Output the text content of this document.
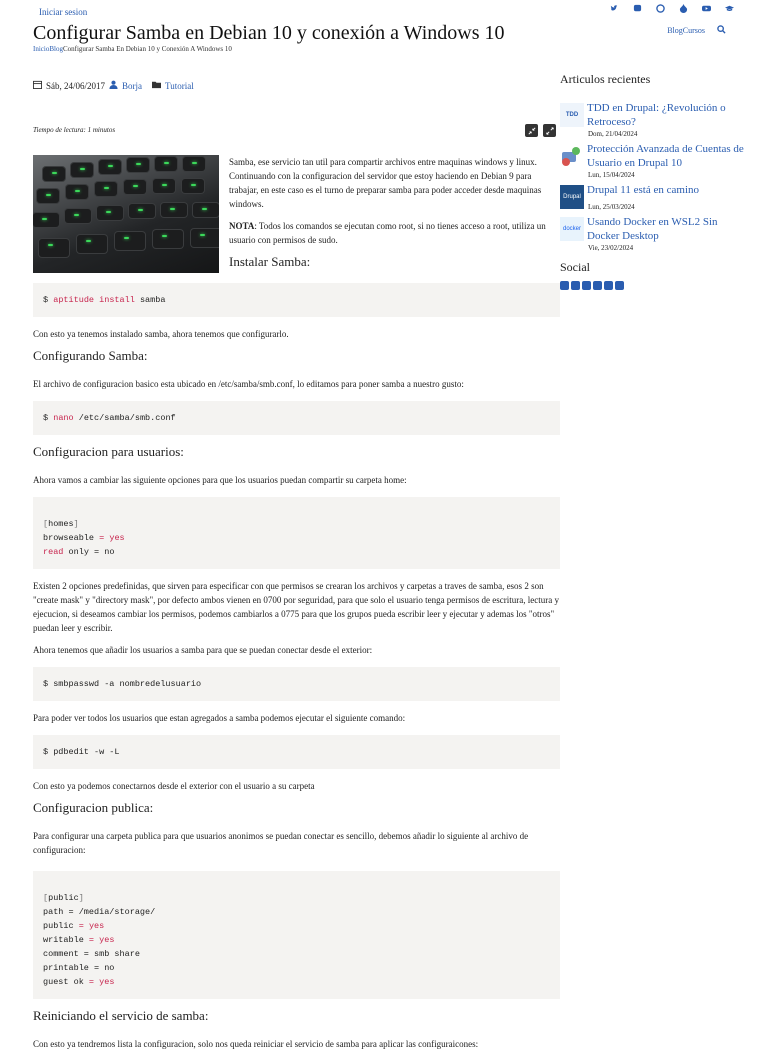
Iniciar sesion
Configurar Samba en Debian 10 y conexión a Windows 10
InicioBlogConfigurar Samba En Debian 10 y Conexión A Windows 10
Blog Cursos
Sáb, 24/06/2017 Borja	Tutorial
Tiempo de lectura: 1 minutos

Samba, ese servicio tan util para compartir archivos entre maquinas windows y linux. Continuando con la configuracion del servidor que estoy haciendo en Debian 9 para trabajar, en este caso es el turno de preparar samba para poder acceder desde maquinas windows.

NOTA: Todos los comandos se ejecutan como root, si no tienes acceso a root, utiliza un usuario con permisos de sudo.

Instalar Samba:
$ aptitude install samba

Con esto ya tenemos instalado samba, ahora tenemos que configurarlo.

Configurando Samba:

El archivo de configuracion basico esta ubicado en /etc/samba/smb.conf, lo editamos para poner samba a nuestro gusto:

$ nano /etc/samba/smb.conf
Configuracion para usuarios:

Ahora vamos a cambiar las siguiente opciones para que los usuarios puedan compartir su carpeta home:

[homes]
browseable = yes
read only = no

Existen 2 opciones predefinidas, que sirven para especificar con que permisos se crearan los archivos y carpetas a traves de samba, esos 2 son "create mask" y "directory mask", por defecto ambos vienen en 0700 por seguridad, para que solo el usuario tenga permisos de escritura, lectura y ejecucion, si deseamos cambiar los permisos, podemos cambiarlos a 0775 para que los grupos pueda escribir leer y ejecutar y ademas los "otros" puedan leer y escribir.

Ahora tenemos que añadir los usuarios a samba para que se puedan conectar desde el exterior:

$ smbpasswd -a nombredelusuario

Para poder ver todos los usuarios que estan agregados a samba podemos ejecutar el siguiente comando:

$ pdbedit -w -L

Con esto ya podemos conectarnos desde el exterior con el usuario a su carpeta

Configuracion publica:

Para configurar una carpeta publica para que usuarios anonimos se puedan conectar es sencillo, debemos añadir lo siguiente al archivo de configuracion:

[public]
path = /media/storage/
public = yes
writable = yes
comment = smb share
printable = no
guest ok = yes
Reiniciando el servicio de samba:

Con esto ya tendremos lista la configuracion, solo nos queda reiniciar el servicio de samba para aplicar las configuraicones:

Articulos recientes
TDD
TDD en Drupal: ¿Revolución o Retroceso?
Dom, 21/04/2024
Protección Avanzada de Cuentas de Usuario en Drupal 10
Lun, 15/04/2024
Drupal
Drupal 11 está en camino
Lun, 25/03/2024
docker
Usando Docker en WSL2 Sin Docker Desktop
Vie, 23/02/2024
Social
